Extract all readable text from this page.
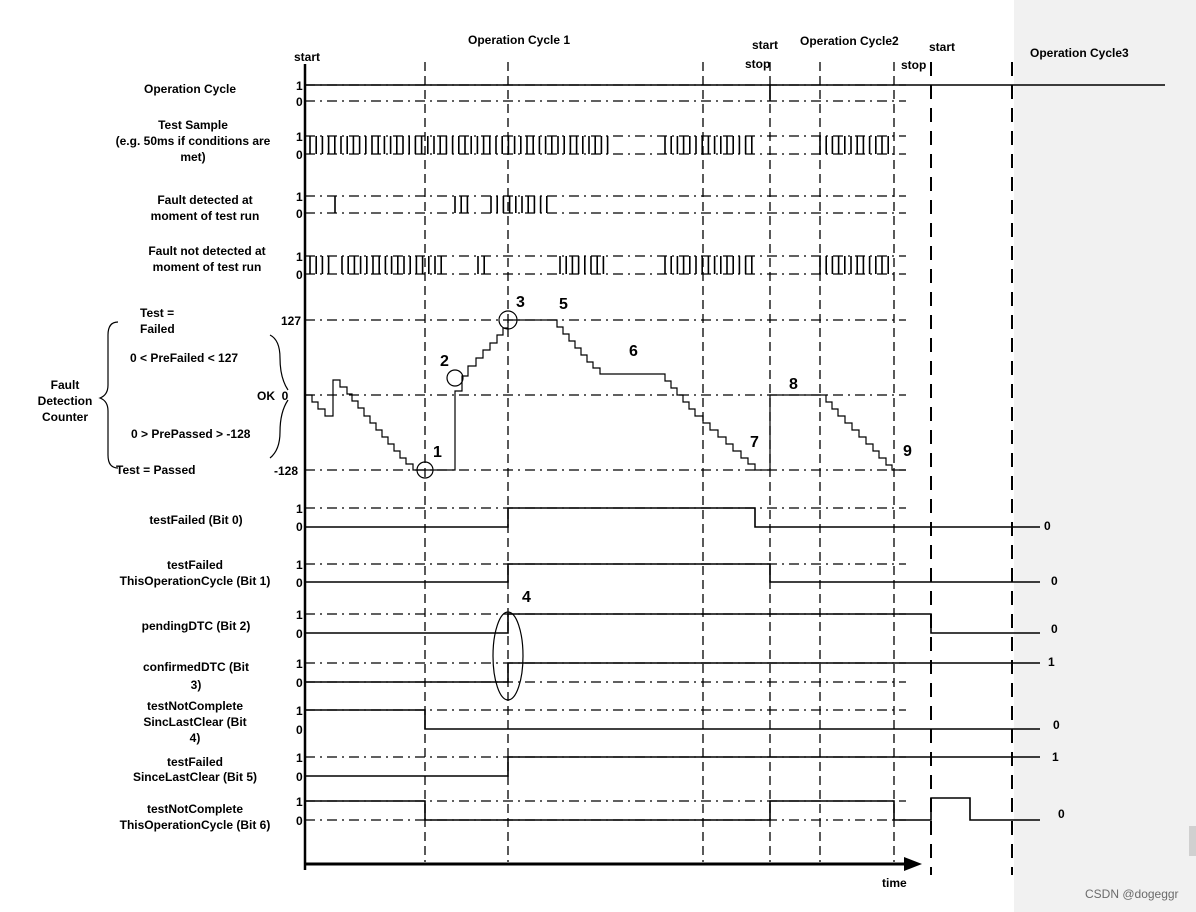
Operation Cycle 1	Operation Cycle2
Operation Cycle3
start
start
stop
start
stop
time
Operation Cycle
Test Sample
(e.g. 50ms if conditions are
met)
Fault detected at
moment of test run
Fault not detected at
moment of test run
Fault
Detection
Counter
testFailed (Bit 0)
testFailed
ThisOperationCycle (Bit 1)
pendingDTC (Bit 2)
confirmedDTC (Bit
3)
testNotComplete
SincLastClear (Bit
4)
testFailed
SinceLastClear (Bit 5)
testNotComplete
ThisOperationCycle (Bit 6)
Test =
Failed
0 < PreFailed < 127
0 > PrePassed > -128
Test = Passed
127
OK  0
-128
1
0
1
0
1
0
1
0
1
0
1
0
1
0
1
0
1
0
1
0
1
0
1
2
3
4
5
6
7
8
9
0
0
0
1
0
1
0
CSDN @dogeggr
